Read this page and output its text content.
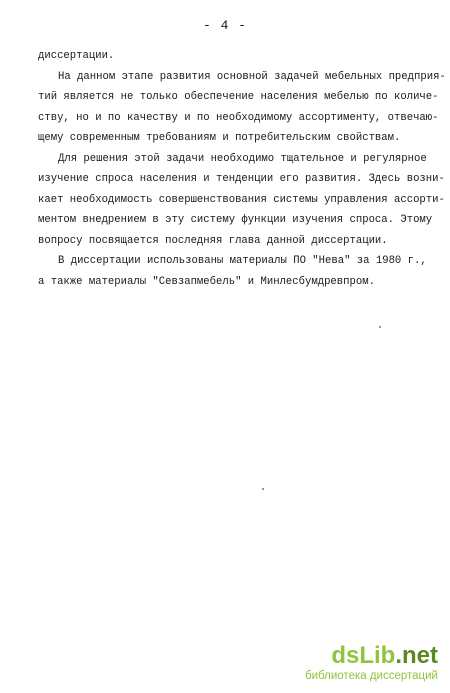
- 4 -
диссертации.
На данном этапе развития основной задачей мебельных предприя-
тий является не только обеспечение населения мебелью по количе-
ству, но и по качеству и по необходимому ассортименту, отвечаю-
щему современным требованиям и потребительским свойствам.
Для решения этой задачи необходимо тщательное и регулярное
изучение спроса населения и тенденции его развития. Здесь возни-
кает необходимость совершенствования системы управления ассорти-
ментом внедрением в эту систему функции изучения спроса. Этому
вопросу посвящается последняя глава данной диссертации.
В диссертации использованы материалы ПО "Нева" за 1980 г.,
а также материалы "Севзапмебель" и Минлесбумдревпром.
dsLib.net
библиотека диссертаций
